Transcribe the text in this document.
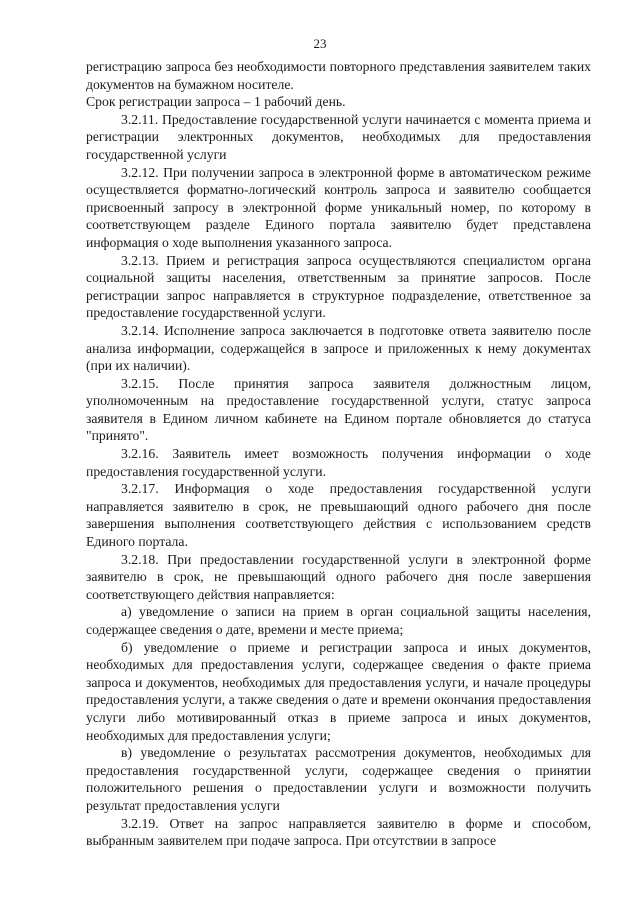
23

регистрацию запроса без необходимости повторного представления заявителем таких документов на бумажном носителе.

Срок регистрации запроса – 1 рабочий день.

3.2.11. Предоставление государственной услуги начинается с момента приема и регистрации электронных документов, необходимых для предоставления государственной услуги

3.2.12. При получении запроса в электронной форме в автоматическом режиме осуществляется форматно-логический контроль запроса и заявителю сообщается присвоенный запросу в электронной форме уникальный номер, по которому в соответствующем разделе Единого портала заявителю будет представлена информация о ходе выполнения указанного запроса.

3.2.13. Прием и регистрация запроса осуществляются специалистом органа социальной защиты населения, ответственным за принятие запросов. После регистрации запрос направляется в структурное подразделение, ответственное за предоставление государственной услуги.

3.2.14. Исполнение запроса заключается в подготовке ответа заявителю после анализа информации, содержащейся в запросе и приложенных к нему документах (при их наличии).

3.2.15. После принятия запроса заявителя должностным лицом, уполномоченным на предоставление государственной услуги, статус запроса заявителя в Едином личном кабинете на Едином портале обновляется до статуса "принято".

3.2.16. Заявитель имеет возможность получения информации о ходе предоставления государственной услуги.

3.2.17. Информация о ходе предоставления государственной услуги направляется заявителю в срок, не превышающий одного рабочего дня после завершения выполнения соответствующего действия с использованием средств Единого портала.

3.2.18. При предоставлении государственной услуги в электронной форме заявителю в срок, не превышающий одного рабочего дня после завершения соответствующего действия направляется:

а) уведомление о записи на прием в орган социальной защиты населения, содержащее сведения о дате, времени и месте приема;

б) уведомление о приеме и регистрации запроса и иных документов, необходимых для предоставления услуги, содержащее сведения о факте приема запроса и документов, необходимых для предоставления услуги, и начале процедуры предоставления услуги, а также сведения о дате и времени окончания предоставления услуги либо мотивированный отказ в приеме запроса и иных документов, необходимых для предоставления услуги;

в) уведомление о результатах рассмотрения документов, необходимых для предоставления государственной услуги, содержащее сведения о принятии положительного решения о предоставлении услуги и возможности получить результат предоставления услуги

3.2.19. Ответ на запрос направляется заявителю в форме и способом, выбранным заявителем при подаче запроса. При отсутствии в запросе
